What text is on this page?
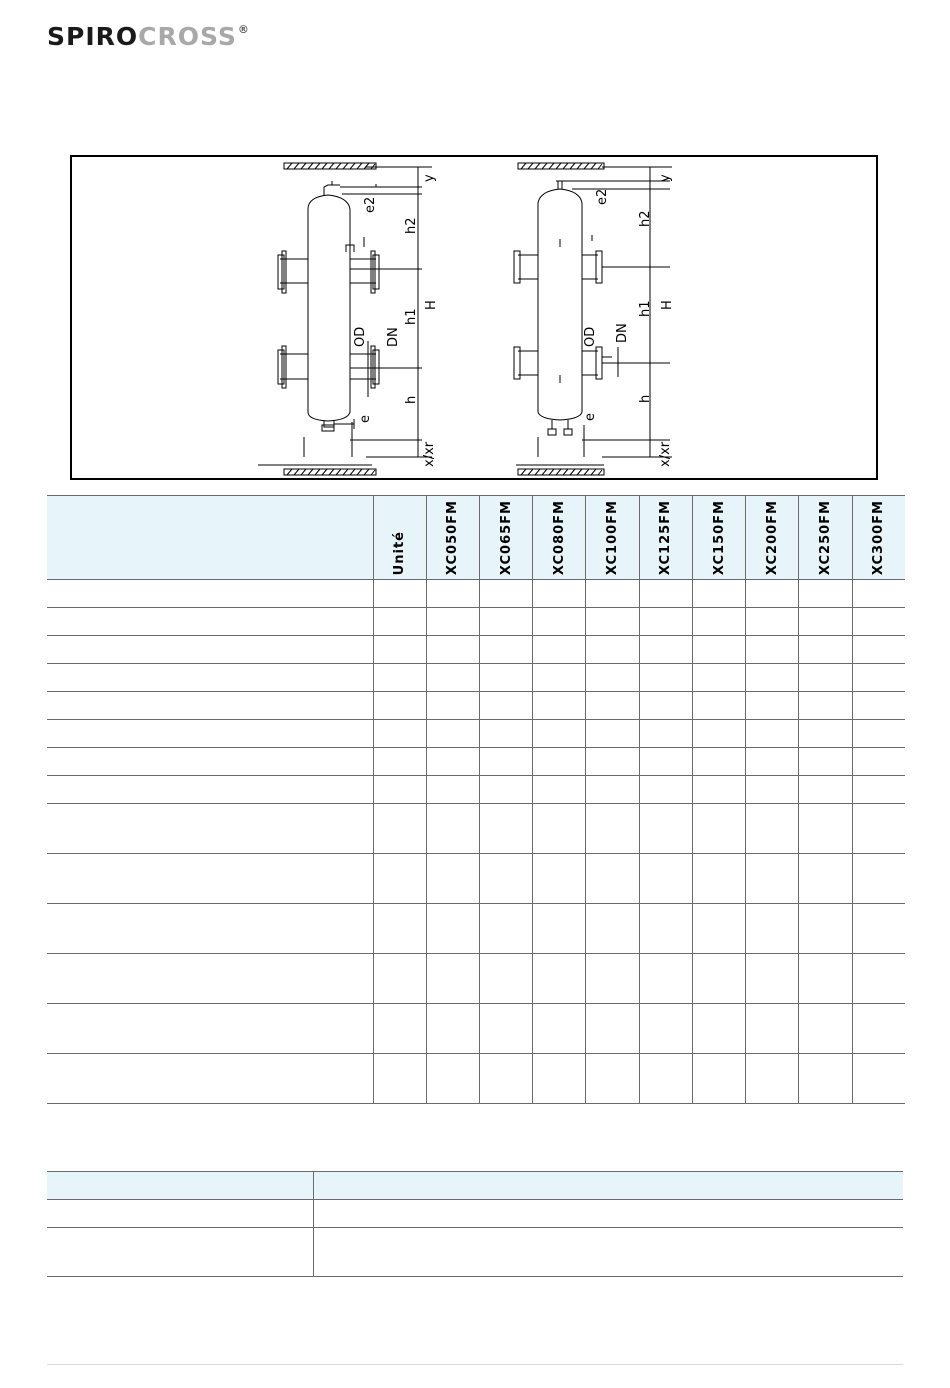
SPIROCROSS®
y
e2
h2
h1
H
OD DN
h
e
x/xr
y
e2
h2
h1 H
OD DN
h
e
x/xr

	Unité	XC050FM	XC065FM	XC080FM	XC100FM	XC125FM	XC150FM	XC200FM	XC250FM	XC300FM
